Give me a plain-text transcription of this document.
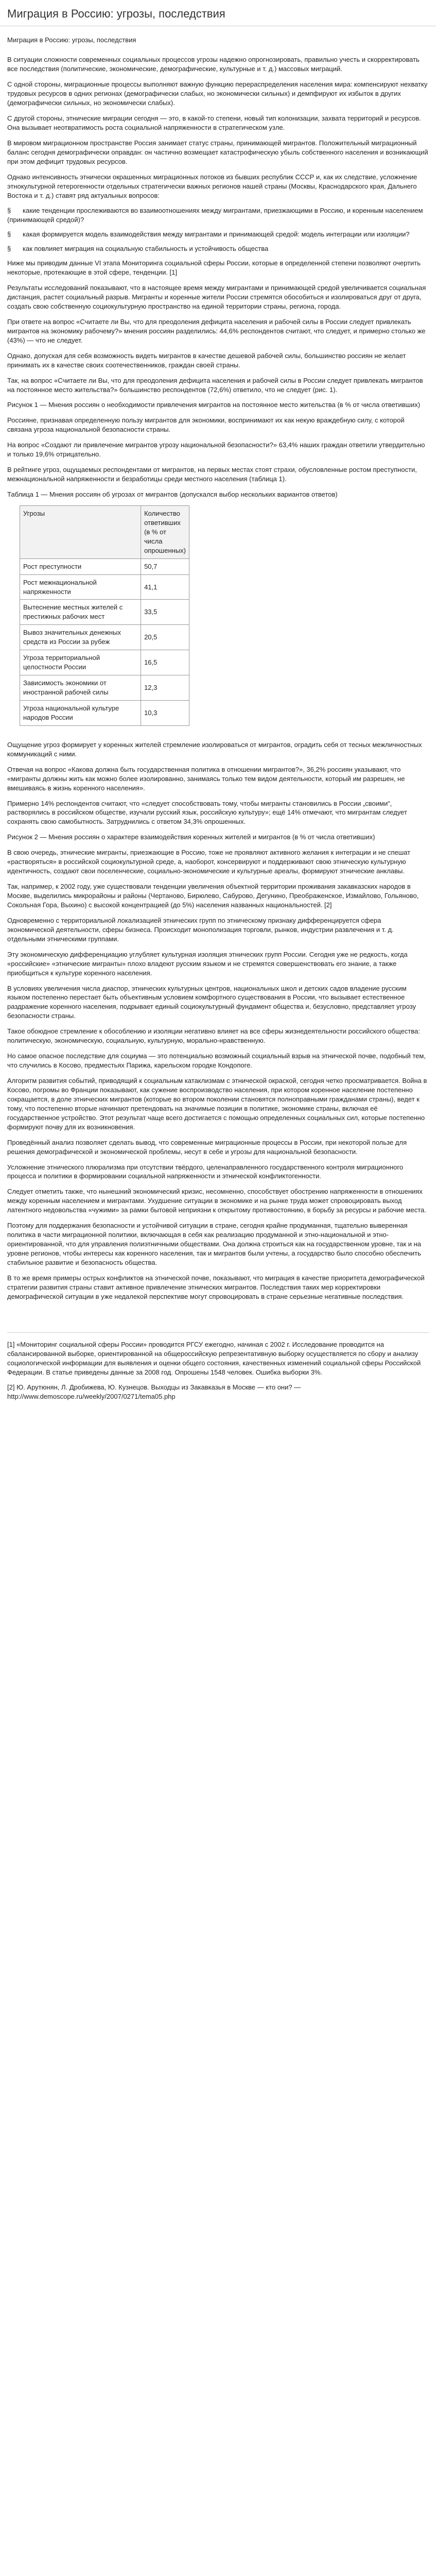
Миграция в Россию: угрозы, последствия

Миграция в Россию: угрозы, последствия

В ситуации сложности современных социальных процессов угрозы надежно опрогнозировать, правильно учесть и скорректировать все последствия (политические, экономические, демографические, культурные и т. д.) массовых миграций.

С одной стороны, миграционные процессы выполняют важную функцию перераспределения населения мира: компенсируют нехватку трудовых ресурсов в одних регионах (демографически слабых, но экономически сильных) и демпфируют их избыток в других (демографически сильных, но экономически слабых).

С другой стороны, этнические миграции сегодня — это, в какой-то степени, новый тип колонизации, захвата территорий и ресурсов. Она вызывает неотвратимость роста социальной напряженности в стратегическом узле.

В мировом миграционном пространстве Россия занимает статус страны, принимающей мигрантов. Положительный миграционный баланс сегодня демографически оправдан: он частично возмещает катастрофическую убыль собственного населения и возникающий при этом дефицит трудовых ресурсов.

Однако интенсивность этнически окрашенных миграционных потоков из бывших республик СССР и, как их следствие, усложнение этнокультурной гетерогенности отдельных стратегически важных регионов нашей страны (Москвы, Краснодарского края, Дальнего Востока и т. д.) ставят ряд актуальных вопросов:

§ какие тенденции прослеживаются во взаимоотношениях между мигрантами, приезжающими в Россию, и коренным населением (принимающей средой)?

§ какая формируется модель взаимодействия между мигрантами и принимающей средой: модель интеграции или изоляции?

§ как повлияет миграция на социальную стабильность и устойчивость общества

Ниже мы приводим данные VI этапа Мониторинга социальной сферы России, которые в определенной степени позволяют очертить некоторые, протекающие в этой сфере, тенденции. [1]

Результаты исследований показывают, что в настоящее время между мигрантами и принимающей средой увеличивается социальная дистанция, растет социальный разрыв. Мигранты и коренные жители России стремятся обособиться и изолироваться друг от друга, создать свою собственную социокультурную пространство на единой территории страны, региона, города.

При ответе на вопрос «Считаете ли Вы, что для преодоления дефицита населения и рабочей силы в России следует привлекать мигрантов на экономику рабочему?» мнения россиян разделились: 44,6% респондентов считают, что следует, и примерно столько же (43%) — что не следует.

Однако, допуская для себя возможность видеть мигрантов в качестве дешевой рабочей силы, большинство россиян не желает принимать их в качестве своих соотечественников, граждан своей страны.

Так, на вопрос «Считаете ли Вы, что для преодоления дефицита населения и рабочей силы в России следует привлекать мигрантов на постоянное место жительства?» большинство респондентов (72,6%) ответило, что не следует (рис. 1).

Рисунок 1 — Мнения россиян о необходимости привлечения мигрантов на постоянное место жительства (в % от числа ответивших)

Россияне, признавая определенную пользу мигрантов для экономики, воспринимают их как некую враждебную силу, с которой связана угроза национальной безопасности страны.

На вопрос «Создают ли привлечение мигрантов угрозу национальной безопасности?» 63,4% наших граждан ответили утвердительно и только 19,6% отрицательно.

В рейтинге угроз, ощущаемых респондентами от мигрантов, на первых местах стоят страхи, обусловленные ростом преступности, межнациональной напряженности и безработицы среди местного населения (таблица 1).

Таблица 1 — Мнения россиян об угрозах от мигрантов (допускался выбор нескольких вариантов ответов)

Угрозы	Количество ответивших (в % от числа опрошенных)
Рост преступности	50,7
Рост межнациональной напряженности	41,1
Вытеснение местных жителей с престижных рабочих мест	33,5
Вывоз значительных денежных средств из России за рубеж	20,5
Угроза территориальной целостности России	16,5
Зависимость экономики от иностранной рабочей силы	12,3
Угроза национальной культуре народов России	10,3

Ощущение угроз формирует у коренных жителей стремление изолироваться от мигрантов, оградить себя от тесных межличностных коммуникаций с ними.

Отвечая на вопрос «Какова должна быть государственная политика в отношении мигрантов?», 36,2% россиян указывают, что «мигранты должны жить как можно более изолированно, занимаясь только тем видом деятельности, который им разрешен, не вмешиваясь в жизнь коренного населения».

Примерно 14% респондентов считают, что «следует способствовать тому, чтобы мигранты становились в России „своими“, растворялись в российском обществе, изучали русский язык, российскую культуру»; ещё 14% отмечают, что мигрантам следует сохранять свою самобытность. Затруднились с ответом 34,3% опрошенных.

Рисунок 2 — Мнения россиян о характере взаимодействия коренных жителей и мигрантов (в % от числа ответивших)

В свою очередь, этнические мигранты, приезжающие в Россию, тоже не проявляют активного желания к интеграции и не спешат «растворяться» в российской социокультурной среде, а, наоборот, консервируют и поддерживают свою этническую культурную идентичность, создают свои поселенческие, социально-экономические и культурные ареалы, формируют этнические анклавы.

Так, например, к 2002 году, уже существовали тенденции увеличения объектной территории проживания закавказских народов в Москве, выделились микрорайоны и районы (Чертаново, Бирюлево, Сабурово, Дегунино, Преображенское, Измайлово, Гольяново, Сокольная Гора, Выхино) с высокой концентрацией (до 5%) населения названных национальностей. [2]

Одновременно с территориальной локализацией этнических групп по этническому признаку дифференцируется сфера экономической деятельности, сферы бизнеса. Происходит монополизация торговли, рынков, индустрии развлечения и т. д. отдельными этническими группами.

Эту экономическую дифференциацию углубляет культурная изоляция этнических групп России. Сегодня уже не редкость, когда «российские» «этнические мигранты» плохо владеют русским языком и не стремятся совершенствовать его знание, а также приобщиться к культуре коренного населения.

В условиях увеличения числа диаспор, этнических культурных центров, национальных школ и детских садов владение русским языком постепенно перестает быть объективным условием комфортного существования в России, что вызывает естественное раздражение коренного населения, подрывает единый социокультурный фундамент общества и, безусловно, представляет угрозу безопасности страны.

Такое обоюдное стремление к обособлению и изоляции негативно влияет на все сферы жизнедеятельности российского общества: политическую, экономическую, социальную, культурную, морально-нравственную.

Но самое опасное последствие для социума — это потенциально возможный социальный взрыв на этнической почве, подобный тем, что случились в Косово, предместьях Парижа, карельском городке Кондопоге.

Алгоритм развития событий, приводящий к социальным катаклизмам с этнической окраской, сегодня четко просматривается. Война в Косово, погромы во Франции показывают, как сужение воспроизводство населения, при котором коренное население постепенно сокращается, в доле этнических мигрантов (которые во втором поколении становятся полноправными гражданами страны), ведет к тому, что постепенно вторые начинают претендовать на значимые позиции в политике, экономике страны, включая её государственное устройство. Этот результат чаще всего достигается с помощью определенных социальных сил, которые постепенно формируют почву для их возникновения.

Проведённый анализ позволяет сделать вывод, что современные миграционные процессы в России, при некоторой пользе для решения демографической и экономической проблемы, несут в себе и угрозы для национальной безопасности.

Усложнение этнического плюрализма при отсутствии твёрдого, целенаправленного государственного контроля миграционного процесса и политики в формировании социальной напряженности и этнической конфликтогенности.

Следует отметить также, что нынешний экономический кризис, несомненно, способствует обострению напряженности в отношениях между коренным населением и мигрантами. Ухудшение ситуации в экономике и на рынке труда может спровоцировать выход латентного недовольства «чужими» за рамки бытовой неприязни к открытому противостоянию, в борьбу за ресурсы и рабочие места.

Поэтому для поддержания безопасности и устойчивой ситуации в стране, сегодня крайне продуманная, тщательно выверенная политика в части миграционной политики, включающая в себя как реализацию продуманной и этно-национальной и этно-ориентированной, что для управления полиэтничными обществами. Она должна строиться как на государственном уровне, так и на уровне регионов, чтобы интересы как коренного населения, так и мигрантов были учтены, а государство было способно обеспечить стабильное развитие и безопасность общества.

В то же время примеры острых конфликтов на этнической почве, показывают, что миграция в качестве приоритета демографической стратегии развития страны ставит активное привлечение этнических мигрантов. Последствия таких мер корректировки демографической ситуации в уже недалекой перспективе могут спровоцировать в стране серьезные негативные последствия.

[1] «Мониторинг социальной сферы России» проводится РГСУ ежегодно, начиная с 2002 г. Исследование проводится на сбалансированной выборке, ориентированной на общероссийскую репрезентативную выборку осуществляется по сбору и анализу социологической информации для выявления и оценки общего состояния, качественных изменений социальной сферы Российской Федерации. В статье приведены данные за 2008 год. Опрошены 1548 человек. Ошибка выборки 3%.

[2] Ю. Арутюнян, Л. Дробижева, Ю. Кузнецов. Выходцы из Закавказья в Москве — кто они? — http://www.demoscope.ru/weekly/2007/0271/tema05.php
